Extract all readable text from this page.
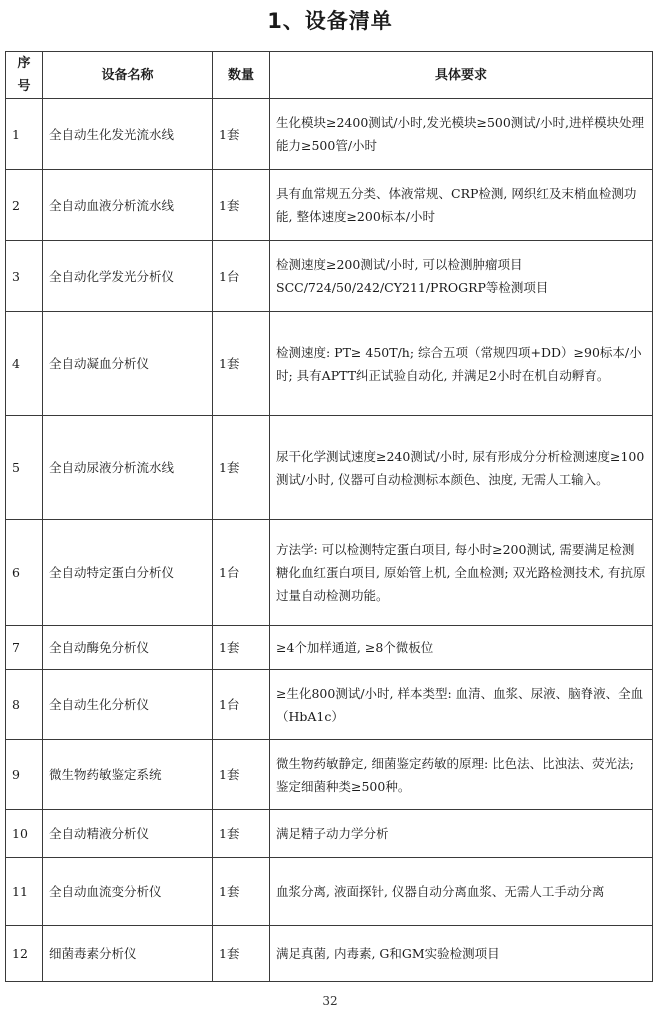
1、设备清单
序号	设备名称	数量	具体要求
1	全自动生化发光流水线	1套	生化模块≥2400测试/小时,发光模块≥500测试/小时,进样模块处理能力≥500管/小时
2	全自动血液分析流水线	1套	具有血常规五分类、体液常规、CRP检测, 网织红及末梢血检测功能, 整体速度≥200标本/小时
3	全自动化学发光分析仪	1台	检测速度≥200测试/小时, 可以检测肿瘤项目SCC/724/50/242/CY211/PROGRP等检测项目
4	全自动凝血分析仪	1套	检测速度: PT≥ 450T/h; 综合五项（常规四项+DD）≥90标本/小时; 具有APTT纠正试验自动化, 并满足2小时在机自动孵育。
5	全自动尿液分析流水线	1套	尿干化学测试速度≥240测试/小时, 尿有形成分分析检测速度≥100测试/小时, 仪器可自动检测标本颜色、浊度, 无需人工输入。
6	全自动特定蛋白分析仪	1台	方法学: 可以检测特定蛋白项目, 每小时≥200测试, 需要满足检测糖化血红蛋白项目, 原始管上机, 全血检测; 双光路检测技术, 有抗原过量自动检测功能。
7	全自动酶免分析仪	1套	≥4个加样通道, ≥8个微板位
8	全自动生化分析仪	1台	≥生化800测试/小时, 样本类型: 血清、血浆、尿液、脑脊液、全血（HbA1c）
9	微生物药敏鉴定系统	1套	微生物药敏静定, 细菌鉴定药敏的原理: 比色法、比浊法、荧光法; 鉴定细菌种类≥500种。
10	全自动精液分析仪	1套	满足精子动力学分析
11	全自动血流变分析仪	1套	血浆分离, 液面探针, 仪器自动分离血浆、无需人工手动分离
12	细菌毒素分析仪	1套	满足真菌, 内毒素, G和GM实验检测项目
32
